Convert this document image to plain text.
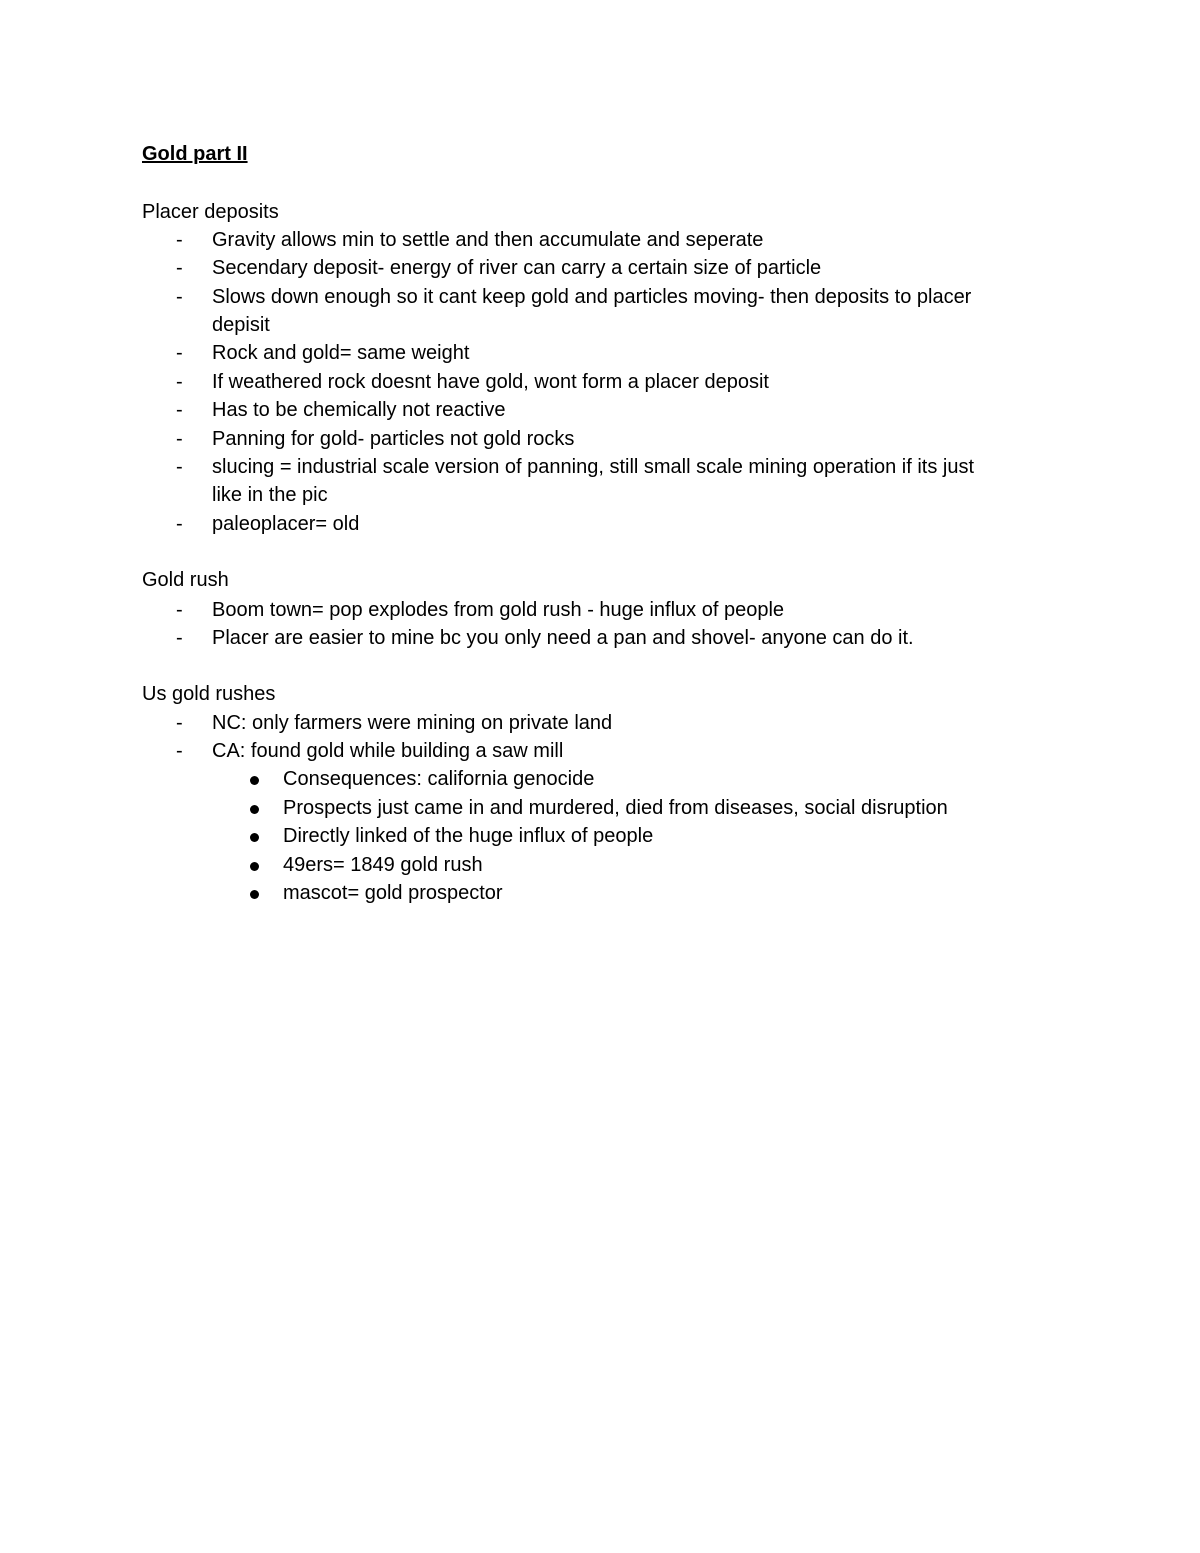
Gold part II
Placer deposits
- Gravity allows min to settle and then accumulate and seperate
- Secendary deposit- energy of river can carry a certain size of particle
- Slows down enough so it cant keep gold and particles moving- then deposits to placer
depisit
- Rock and gold= same weight
- If weathered rock doesnt have gold, wont form a placer deposit
- Has to be chemically not reactive
- Panning for gold- particles not gold rocks
- slucing = industrial scale version of panning, still small scale mining operation if its just
like in the pic
- paleoplacer= old
Gold rush
- Boom town= pop explodes from gold rush - huge influx of people
- Placer are easier to mine bc you only need a pan and shovel- anyone can do it.
Us gold rushes
- NC: only farmers were mining on private land
- CA: found gold while building a saw mill
Consequences: california genocide
Prospects just came in and murdered, died from diseases, social disruption
Directly linked of the huge influx of people
49ers= 1849 gold rush
mascot= gold prospector
